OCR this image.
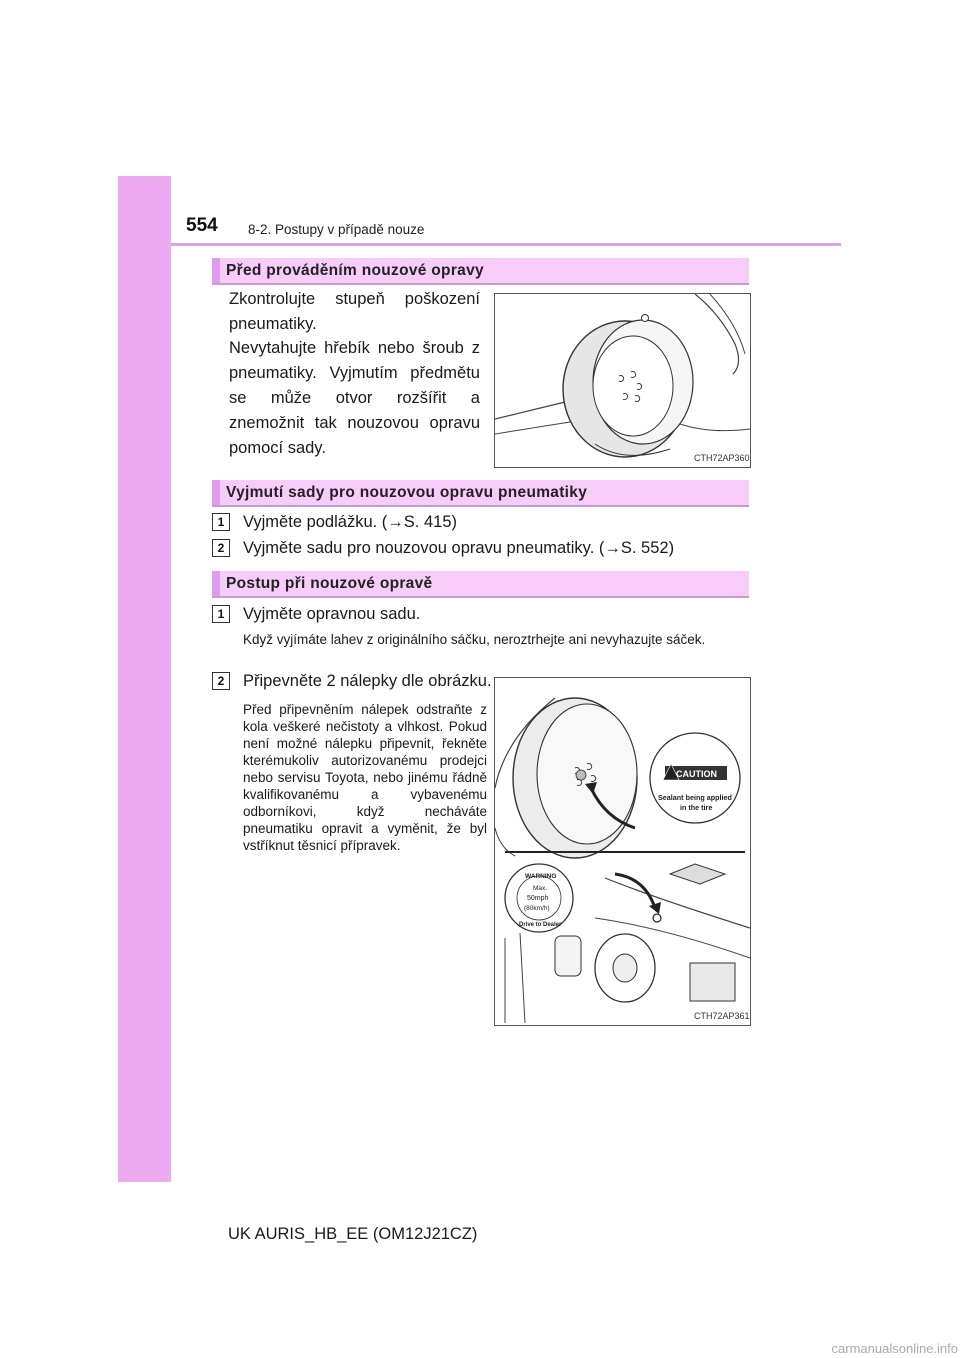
554 8-2. Postupy v případě nouze
Před prováděním nouzové opravy
Zkontrolujte stupeň poškození pneumatiky.
Nevytahujte hřebík nebo šroub z pneumatiky. Vyjmutím předmětu se může otvor rozšířit a znemožnit tak nouzovou opravu pomocí sady.
CTH72AP360
Vyjmutí sady pro nouzovou opravu pneumatiky
1	Vyjměte podlážku. (→S. 415)
2	Vyjměte sadu pro nouzovou opravu pneumatiky. (→S. 552)
Postup při nouzové opravě
1	Vyjměte opravnou sadu.
Když vyjímáte lahev z originálního sáčku, neroztrhejte ani nevyhazujte sáček.
2	Připevněte 2 nálepky dle obrázku.
Před připevněním nálepek odstraňte z kola veškeré nečistoty a vlhkost. Pokud není možné nálepku připevnit, řekněte kterémukoliv autorizovanému prodejci nebo servisu Toyota, nebo jinému řádně kvalifikovanému a vybavenému odborníkovi, když necháváte pneumatiku opravit a vyměnit, že byl vstříknut těsnicí přípravek.
CAUTION
Sealant being applied
in the tire
WARNING
Max.
50mph
(80km/h)
Drive to Dealer
CTH72AP361
UK AURIS_HB_EE (OM12J21CZ)
carmanualsonline.info
